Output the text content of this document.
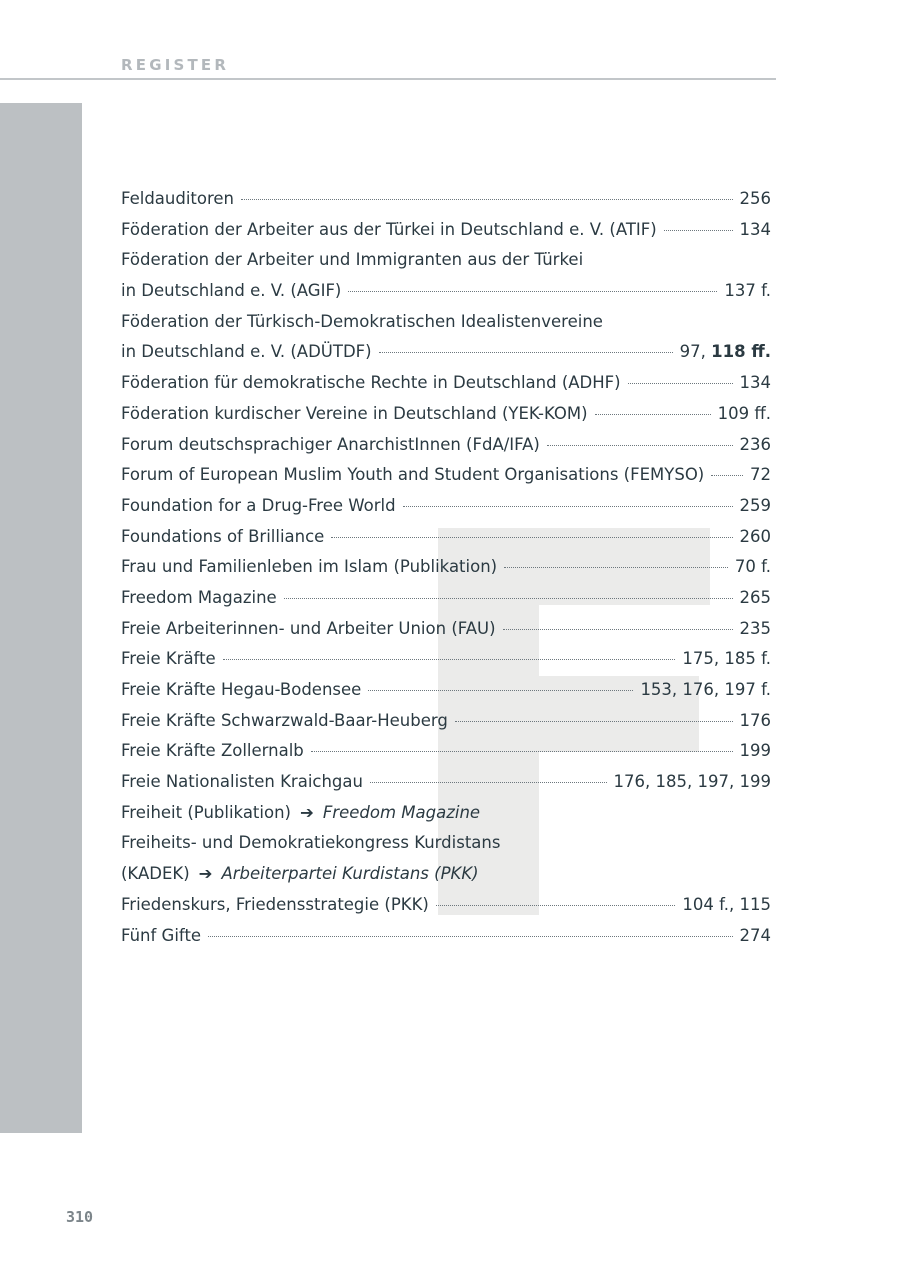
REGISTER
Feldauditoren	256
Föderation der Arbeiter aus der Türkei in Deutschland e. V. (ATIF)	134
Föderation der Arbeiter und Immigranten aus der Türkei
in Deutschland e. V. (AGIF)	137 f.
Föderation der Türkisch-Demokratischen Idealistenvereine
in Deutschland e. V. (ADÜTDF)	97, 118 ff.
Föderation für demokratische Rechte in Deutschland (ADHF)	134
Föderation kurdischer Vereine in Deutschland (YEK-KOM)	109 ff.
Forum deutschsprachiger AnarchistInnen (FdA/IFA)	236
Forum of European Muslim Youth and Student Organisations (FEMYSO)	72
Foundation for a Drug-Free World	259
Foundations of Brilliance	260
Frau und Familienleben im Islam (Publikation)	70 f.
Freedom Magazine	265
Freie Arbeiterinnen- und Arbeiter Union (FAU)	235
Freie Kräfte	175, 185 f.
Freie Kräfte Hegau-Bodensee	153, 176, 197 f.
Freie Kräfte Schwarzwald-Baar-Heuberg	176
Freie Kräfte Zollernalb	199
Freie Nationalisten Kraichgau	176, 185, 197, 199
Freiheit (Publikation) ➔ Freedom Magazine
Freiheits- und Demokratiekongress Kurdistans
(KADEK) ➔ Arbeiterpartei Kurdistans (PKK)
Friedenskurs, Friedensstrategie (PKK)	104 f., 115
Fünf Gifte	274
310
